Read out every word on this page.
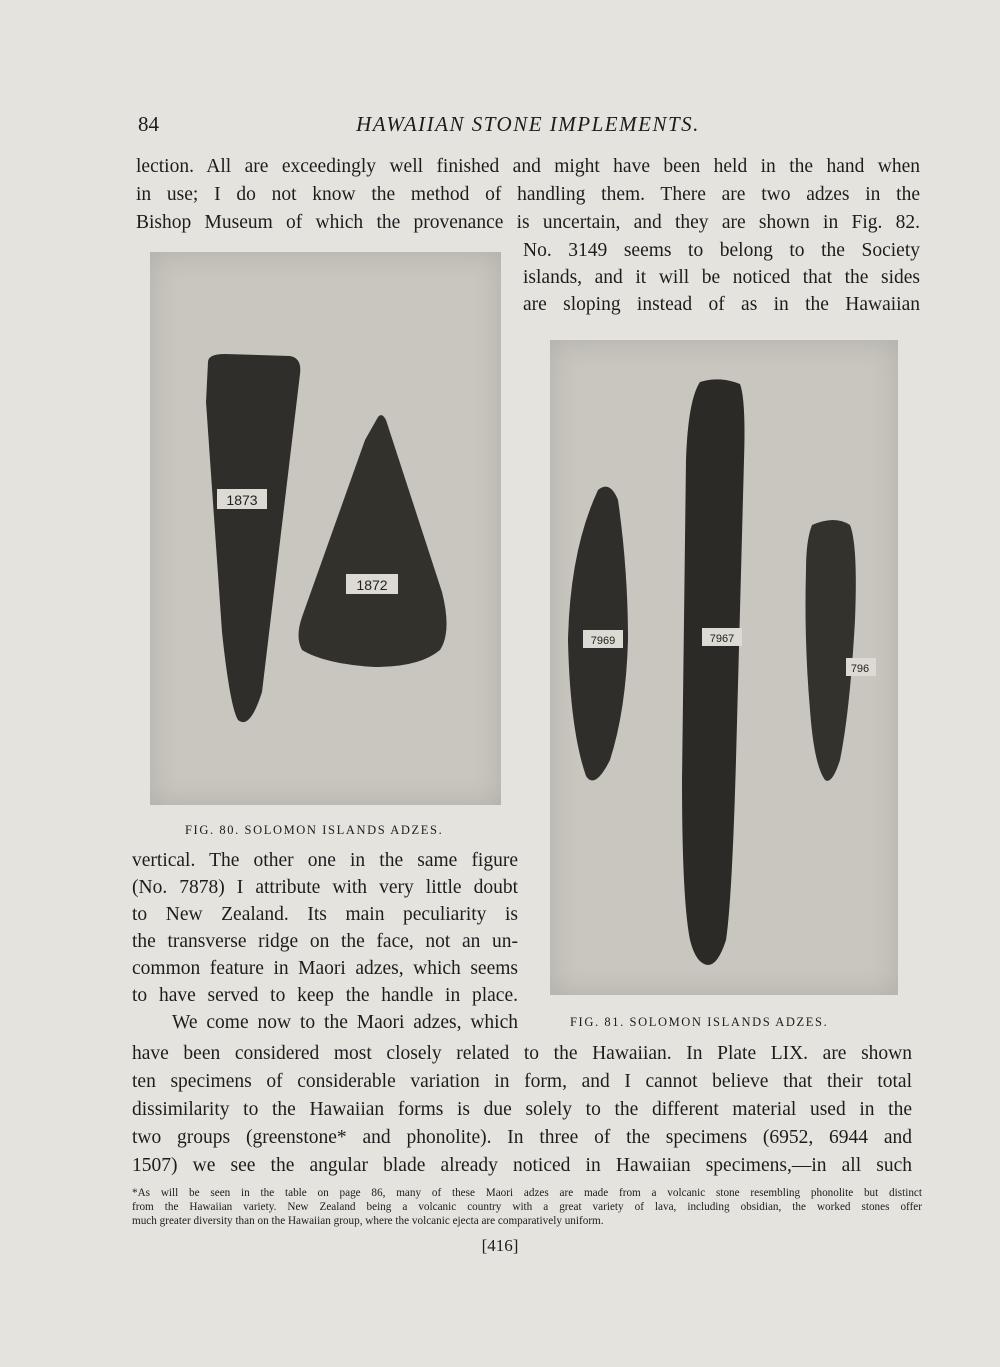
84	HAWAIIAN STONE IMPLEMENTS.
lection. All are exceedingly well finished and might have been held in the hand when
in use; I do not know the method of handling them. There are two adzes in the
Bishop Museum of which the provenance is uncertain, and they are shown in Fig. 82.
No. 3149 seems to belong to the Society
islands, and it will be noticed that the sides
are sloping instead of as in the Hawaiian
1873
1872
FIG. 80. SOLOMON ISLANDS ADZES.
7969	7967
796
FIG. 81. SOLOMON ISLANDS ADZES.
vertical. The other one in the same figure
(No. 7878) I attribute with very little doubt
to New Zealand. Its main peculiarity is
the transverse ridge on the face, not an un-
common feature in Maori adzes, which seems
to have served to keep the handle in place.
We come now to the Maori adzes, which
have been considered most closely related to the Hawaiian. In Plate LIX. are shown
ten specimens of considerable variation in form, and I cannot believe that their total
dissimilarity to the Hawaiian forms is due solely to the different material used in the
two groups (greenstone* and phonolite). In three of the specimens (6952, 6944 and
1507) we see the angular blade already noticed in Hawaiian specimens,—in all such
*As will be seen in the table on page 86, many of these Maori adzes are made from a volcanic stone resembling phonolite but distinct
from the Hawaiian variety. New Zealand being a volcanic country with a great variety of lava, including obsidian, the worked stones offer
much greater diversity than on the Hawaiian group, where the volcanic ejecta are comparatively uniform.
[416]
